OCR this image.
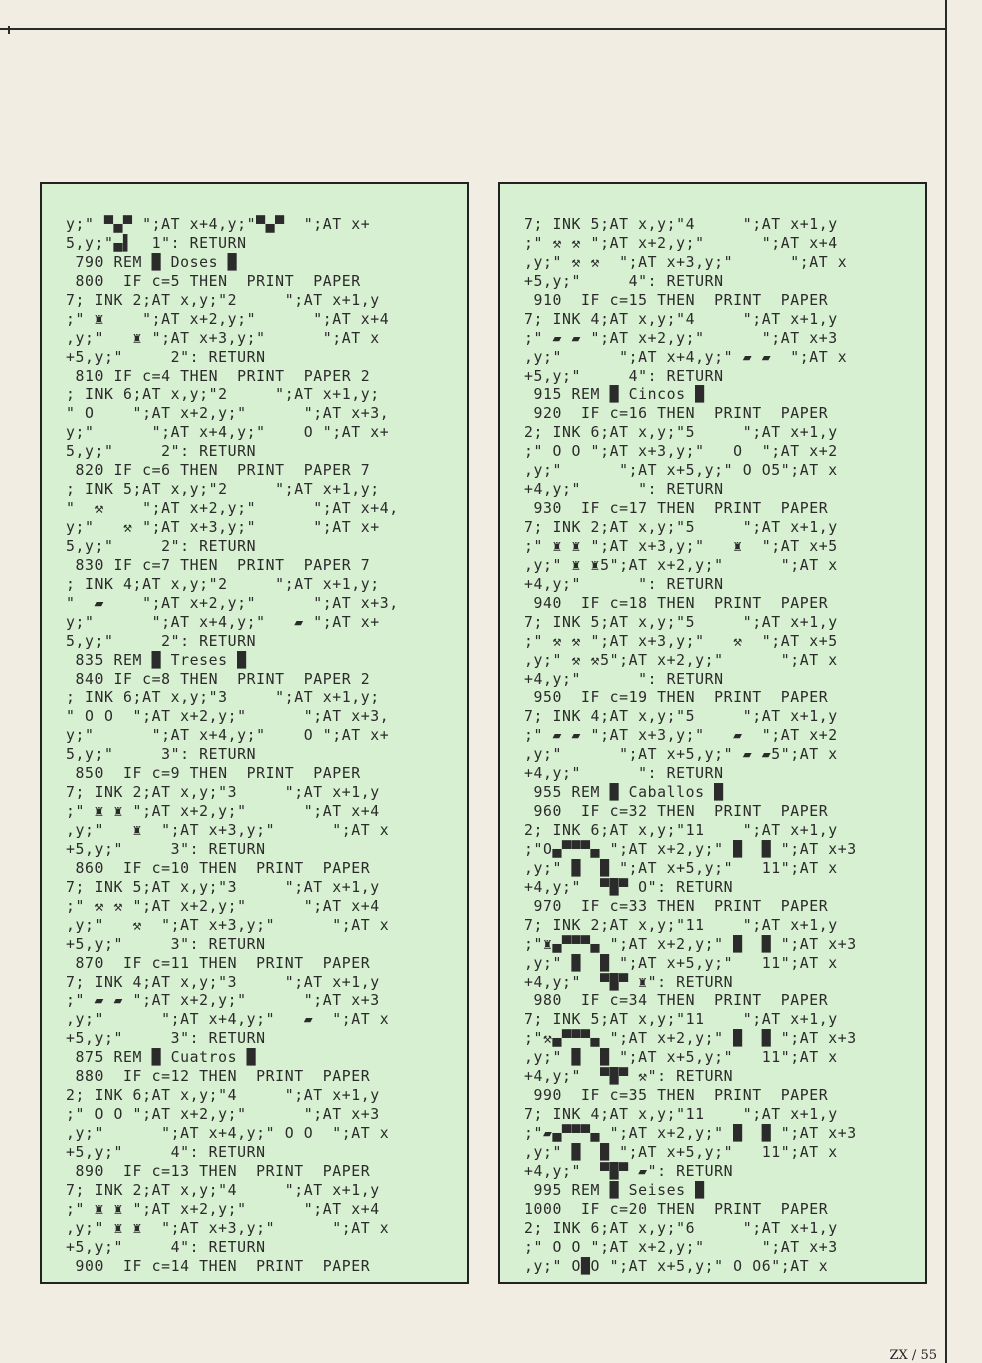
y;" ▀▄▀ ";AT x+4,y;"▀▄▀  ";AT x+
5,y;"▄▌  1": RETURN
790 REM █ Doses █
800  IF c=5 THEN  PRINT  PAPER
7; INK 2;AT x,y;"2     ";AT x+1,y
;" ♜    ";AT x+2,y;"      ";AT x+4
,y;"   ♜ ";AT x+3,y;"      ";AT x
+5,y;"     2": RETURN
810 IF c=4 THEN  PRINT  PAPER 2
; INK 6;AT x,y;"2     ";AT x+1,y;
" O    ";AT x+2,y;"      ";AT x+3,
y;"      ";AT x+4,y;"    O ";AT x+
5,y;"     2": RETURN
820 IF c=6 THEN  PRINT  PAPER 7
; INK 5;AT x,y;"2     ";AT x+1,y;
"  ⚒    ";AT x+2,y;"      ";AT x+4,
y;"   ⚒ ";AT x+3,y;"      ";AT x+
5,y;"     2": RETURN
830 IF c=7 THEN  PRINT  PAPER 7
; INK 4;AT x,y;"2     ";AT x+1,y;
"  ▰    ";AT x+2,y;"      ";AT x+3,
y;"      ";AT x+4,y;"   ▰ ";AT x+
5,y;"     2": RETURN
835 REM █ Treses █
840 IF c=8 THEN  PRINT  PAPER 2
; INK 6;AT x,y;"3     ";AT x+1,y;
" O O  ";AT x+2,y;"      ";AT x+3,
y;"      ";AT x+4,y;"    O ";AT x+
5,y;"     3": RETURN
850  IF c=9 THEN  PRINT  PAPER
7; INK 2;AT x,y;"3     ";AT x+1,y
;" ♜ ♜ ";AT x+2,y;"      ";AT x+4
,y;"   ♜  ";AT x+3,y;"      ";AT x
+5,y;"     3": RETURN
860  IF c=10 THEN  PRINT  PAPER
7; INK 5;AT x,y;"3     ";AT x+1,y
;" ⚒ ⚒ ";AT x+2,y;"      ";AT x+4
,y;"   ⚒  ";AT x+3,y;"      ";AT x
+5,y;"     3": RETURN
870  IF c=11 THEN  PRINT  PAPER
7; INK 4;AT x,y;"3     ";AT x+1,y
;" ▰ ▰ ";AT x+2,y;"      ";AT x+3
,y;"      ";AT x+4,y;"   ▰  ";AT x
+5,y;"     3": RETURN
875 REM █ Cuatros █
880  IF c=12 THEN  PRINT  PAPER
2; INK 6;AT x,y;"4     ";AT x+1,y
;" O O ";AT x+2,y;"      ";AT x+3
,y;"      ";AT x+4,y;" O O  ";AT x
+5,y;"     4": RETURN
890  IF c=13 THEN  PRINT  PAPER
7; INK 2;AT x,y;"4     ";AT x+1,y
;" ♜ ♜ ";AT x+2,y;"      ";AT x+4
,y;" ♜ ♜  ";AT x+3,y;"      ";AT x
+5,y;"     4": RETURN
900  IF c=14 THEN  PRINT  PAPER
7; INK 5;AT x,y;"4     ";AT x+1,y
;" ⚒ ⚒ ";AT x+2,y;"      ";AT x+4
,y;" ⚒ ⚒  ";AT x+3,y;"      ";AT x
+5,y;"     4": RETURN
910  IF c=15 THEN  PRINT  PAPER
7; INK 4;AT x,y;"4     ";AT x+1,y
;" ▰ ▰ ";AT x+2,y;"      ";AT x+3
,y;"      ";AT x+4,y;" ▰ ▰  ";AT x
+5,y;"     4": RETURN
915 REM █ Cincos █
920  IF c=16 THEN  PRINT  PAPER
2; INK 6;AT x,y;"5     ";AT x+1,y
;" O O ";AT x+3,y;"   O  ";AT x+2
,y;"      ";AT x+5,y;" O O5";AT x
+4,y;"      ": RETURN
930  IF c=17 THEN  PRINT  PAPER
7; INK 2;AT x,y;"5     ";AT x+1,y
;" ♜ ♜ ";AT x+3,y;"   ♜  ";AT x+5
,y;" ♜ ♜5";AT x+2,y;"      ";AT x
+4,y;"      ": RETURN
940  IF c=18 THEN  PRINT  PAPER
7; INK 5;AT x,y;"5     ";AT x+1,y
;" ⚒ ⚒ ";AT x+3,y;"   ⚒  ";AT x+5
,y;" ⚒ ⚒5";AT x+2,y;"      ";AT x
+4,y;"      ": RETURN
950  IF c=19 THEN  PRINT  PAPER
7; INK 4;AT x,y;"5     ";AT x+1,y
;" ▰ ▰ ";AT x+3,y;"   ▰  ";AT x+2
,y;"      ";AT x+5,y;" ▰ ▰5";AT x
+4,y;"      ": RETURN
955 REM █ Caballos █
960  IF c=32 THEN  PRINT  PAPER
2; INK 6;AT x,y;"11    ";AT x+1,y
;"O▄▀▀▀▄ ";AT x+2,y;" █  █ ";AT x+3
,y;" █  █ ";AT x+5,y;"   11";AT x
+4,y;"  ▀█▀ O": RETURN
970  IF c=33 THEN  PRINT  PAPER
7; INK 2;AT x,y;"11    ";AT x+1,y
;"♜▄▀▀▀▄ ";AT x+2,y;" █  █ ";AT x+3
,y;" █  █ ";AT x+5,y;"   11";AT x
+4,y;"  ▀█▀ ♜": RETURN
980  IF c=34 THEN  PRINT  PAPER
7; INK 5;AT x,y;"11    ";AT x+1,y
;"⚒▄▀▀▀▄ ";AT x+2,y;" █  █ ";AT x+3
,y;" █  █ ";AT x+5,y;"   11";AT x
+4,y;"  ▀█▀ ⚒": RETURN
990  IF c=35 THEN  PRINT  PAPER
7; INK 4;AT x,y;"11    ";AT x+1,y
;"▰▄▀▀▀▄ ";AT x+2,y;" █  █ ";AT x+3
,y;" █  █ ";AT x+5,y;"   11";AT x
+4,y;"  ▀█▀ ▰": RETURN
995 REM █ Seises █
1000  IF c=20 THEN  PRINT  PAPER
2; INK 6;AT x,y;"6     ";AT x+1,y
;" O O ";AT x+2,y;"      ";AT x+3
,y;" O█O ";AT x+5,y;" O O6";AT x
ZX / 55
